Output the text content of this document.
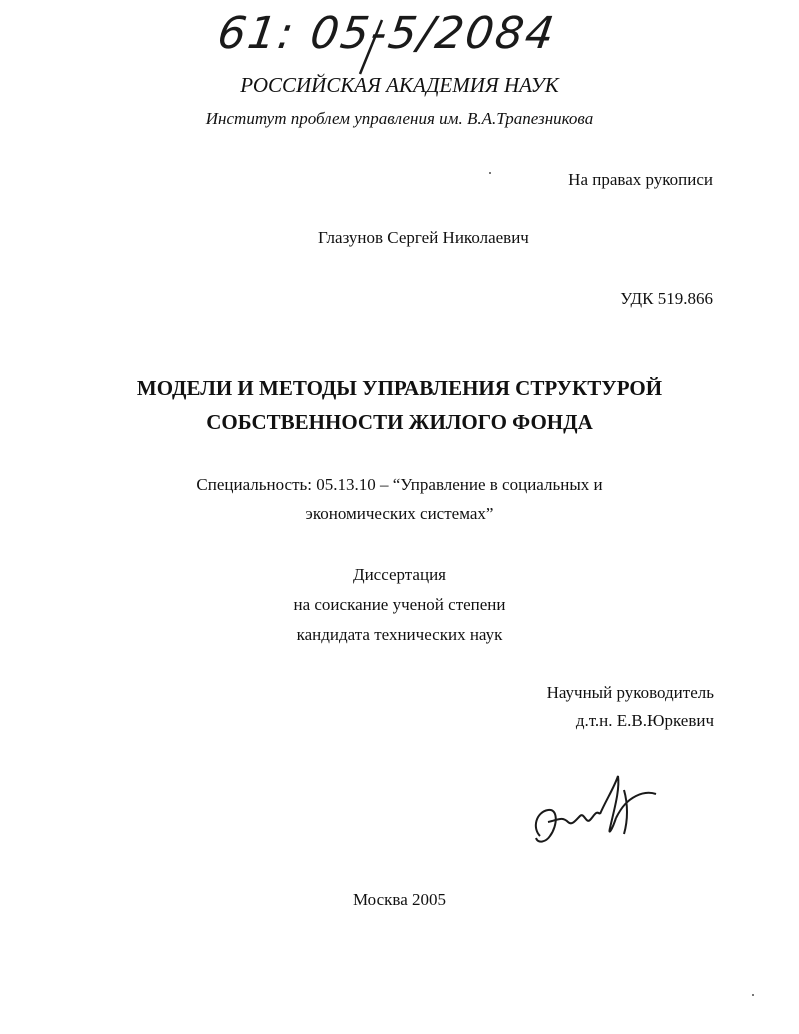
61: 05-5/2084
РОССИЙСКАЯ АКАДЕМИЯ НАУК
Институт проблем управления им. В.А.Трапезникова
На правах рукописи
Глазунов Сергей Николаевич
УДК 519.866
МОДЕЛИ И МЕТОДЫ УПРАВЛЕНИЯ СТРУКТУРОЙ
СОБСТВЕННОСТИ ЖИЛОГО ФОНДА
Специальность: 05.13.10 – “Управление в социальных и
экономических системах”
Диссертация
на соискание ученой степени
кандидата технических наук
Научный руководитель
д.т.н. Е.В.Юркевич
Москва 2005
